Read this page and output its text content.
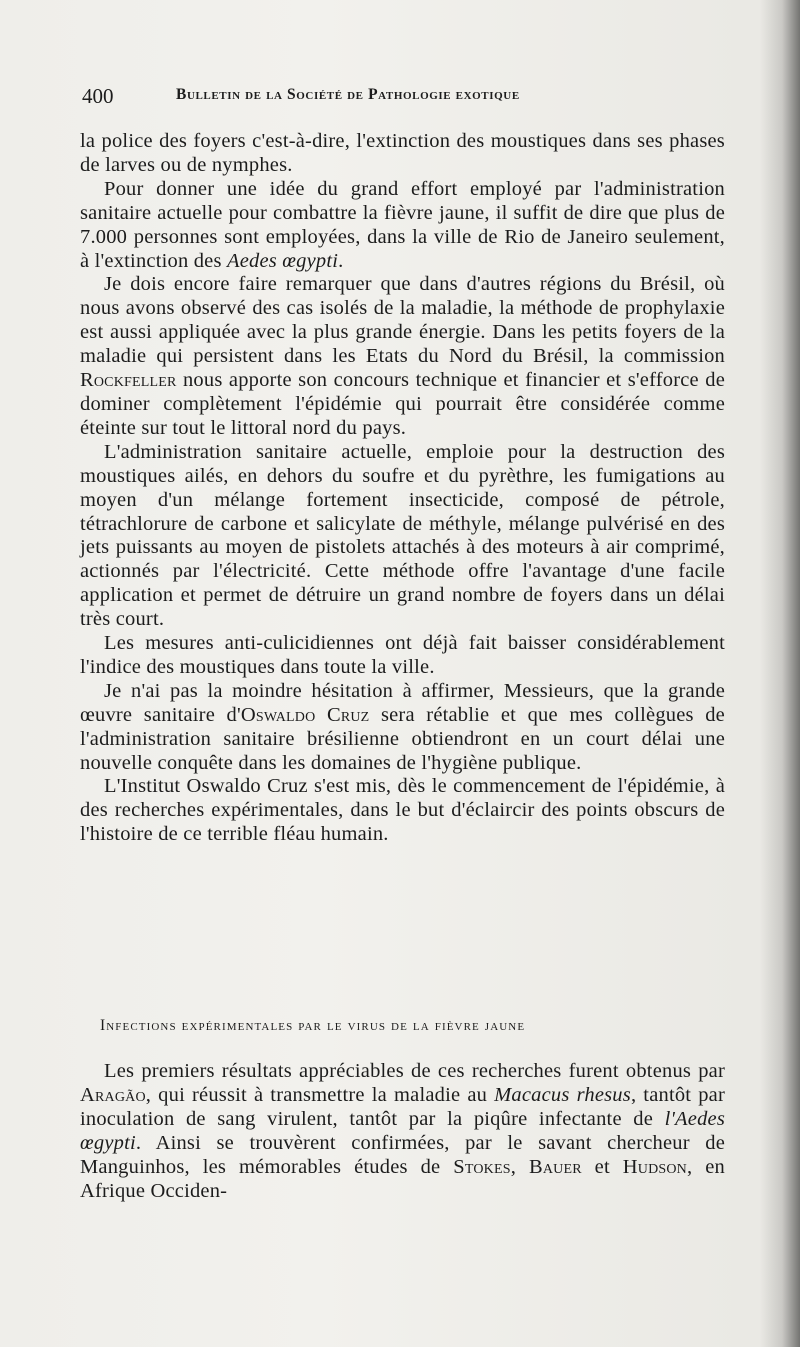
400	Bulletin de la Société de Pathologie exotique

la police des foyers c'est-à-dire, l'extinction des moustiques dans ses phases de larves ou de nymphes.

Pour donner une idée du grand effort employé par l'administration sanitaire actuelle pour combattre la fièvre jaune, il suffit de dire que plus de 7.000 personnes sont employées, dans la ville de Rio de Janeiro seulement, à l'extinction des Aedes œgypti.

Je dois encore faire remarquer que dans d'autres régions du Brésil, où nous avons observé des cas isolés de la maladie, la méthode de prophylaxie est aussi appliquée avec la plus grande énergie. Dans les petits foyers de la maladie qui persistent dans les Etats du Nord du Brésil, la commission Rockfeller nous apporte son concours technique et financier et s'efforce de dominer complètement l'épidémie qui pourrait être considérée comme éteinte sur tout le littoral nord du pays.

L'administration sanitaire actuelle, emploie pour la destruction des moustiques ailés, en dehors du soufre et du pyrèthre, les fumigations au moyen d'un mélange fortement insecticide, composé de pétrole, tétrachlorure de carbone et salicylate de méthyle, mélange pulvérisé en des jets puissants au moyen de pistolets attachés à des moteurs à air comprimé, actionnés par l'électricité. Cette méthode offre l'avantage d'une facile application et permet de détruire un grand nombre de foyers dans un délai très court.

Les mesures anti-culicidiennes ont déjà fait baisser considérablement l'indice des moustiques dans toute la ville.

Je n'ai pas la moindre hésitation à affirmer, Messieurs, que la grande œuvre sanitaire d'Oswaldo Cruz sera rétablie et que mes collègues de l'administration sanitaire brésilienne obtiendront en un court délai une nouvelle conquête dans les domaines de l'hygiène publique.

L'Institut Oswaldo Cruz s'est mis, dès le commencement de l'épidémie, à des recherches expérimentales, dans le but d'éclaircir des points obscurs de l'histoire de ce terrible fléau humain.

Infections expérimentales par le virus de la fièvre jaune

Les premiers résultats appréciables de ces recherches furent obtenus par Aragão, qui réussit à transmettre la maladie au Macacus rhesus, tantôt par inoculation de sang virulent, tantôt par la piqûre infectante de l'Aedes œgypti. Ainsi se trouvèrent confirmées, par le savant chercheur de Manguinhos, les mémorables études de Stokes, Bauer et Hudson, en Afrique Occiden-
